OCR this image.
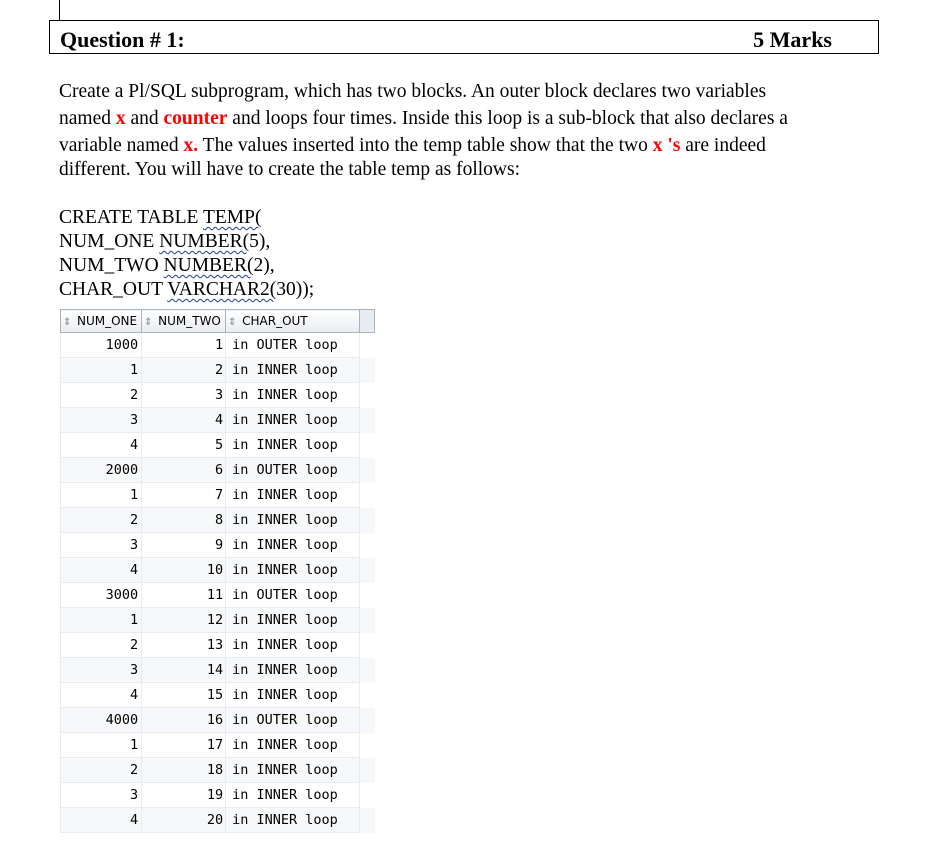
Question # 1:	5 Marks
Create a Pl/SQL subprogram, which has two blocks. An outer block declares two variables
named x and counter and loops four times. Inside this loop is a sub-block that also declares a
variable named x. The values inserted into the temp table show that the two x 's are indeed
different. You will have to create the table temp as follows:
CREATE TABLE TEMP(
NUM_ONE NUMBER(5),
NUM_TWO NUMBER(2),
CHAR_OUT VARCHAR2(30));
⇕ NUM_ONE	⇕ NUM_TWO	⇕ CHAR_OUT	
1000	1	in OUTER loop	
1	2	in INNER loop	
2	3	in INNER loop	
3	4	in INNER loop	
4	5	in INNER loop	
2000	6	in OUTER loop	
1	7	in INNER loop	
2	8	in INNER loop	
3	9	in INNER loop	
4	10	in INNER loop	
3000	11	in OUTER loop	
1	12	in INNER loop	
2	13	in INNER loop	
3	14	in INNER loop	
4	15	in INNER loop	
4000	16	in OUTER loop	
1	17	in INNER loop	
2	18	in INNER loop	
3	19	in INNER loop	
4	20	in INNER loop	
